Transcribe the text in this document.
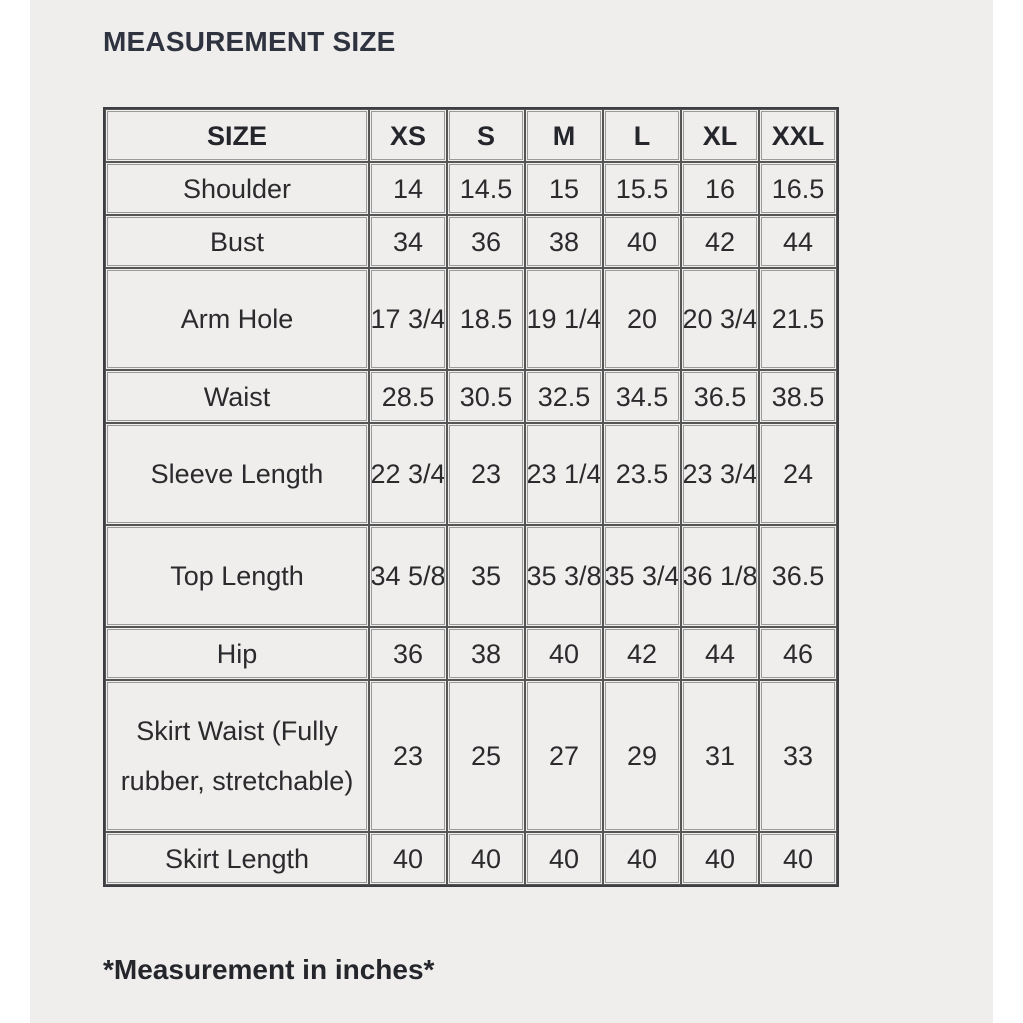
MEASUREMENT SIZE
SIZE	XS	S	M	L	XL	XXL
Shoulder	14	14.5	15	15.5	16	16.5
Bust	34	36	38	40	42	44
Arm Hole	17 3/4	18.5	19 1/4	20	20 3/4	21.5
Waist	28.5	30.5	32.5	34.5	36.5	38.5
Sleeve Length	22 3/4	23	23 1/4	23.5	23 3/4	24
Top Length	34 5/8	35	35 3/8	35 3/4	36 1/8	36.5
Hip	36	38	40	42	44	46
Skirt Waist (Fully rubber, stretchable)	23	25	27	29	31	33
Skirt Length	40	40	40	40	40	40
*Measurement in inches*
